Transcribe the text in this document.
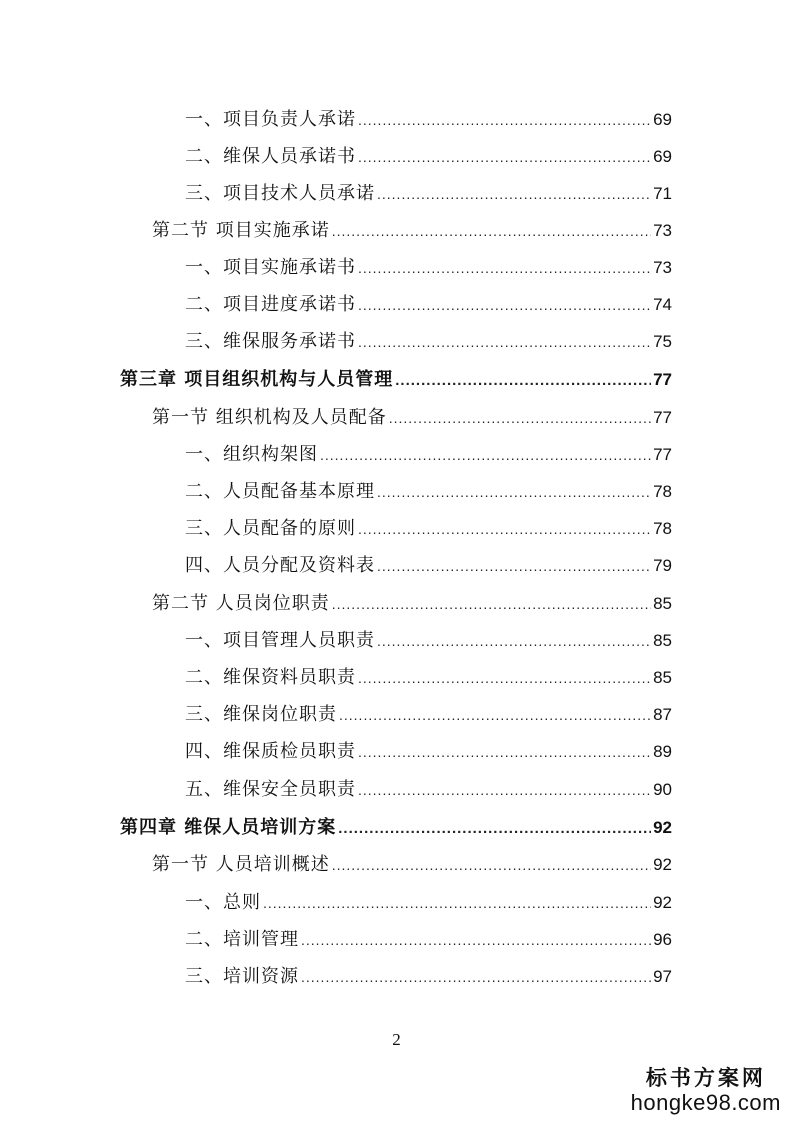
一、项目负责人承诺 .....	69
二、维保人员承诺书 .....	69
三、项目技术人员承诺 .....	71
第二节 项目实施承诺 .....	73
一、项目实施承诺书 .....	73
二、项目进度承诺书 .....	74
三、维保服务承诺书 .....	75
第三章 项目组织机构与人员管理 .....	77
第一节 组织机构及人员配备 .....	77
一、组织构架图 .....	77
二、人员配备基本原理 .....	78
三、人员配备的原则 .....	78
四、人员分配及资料表 .....	79
第二节 人员岗位职责 .....	85
一、项目管理人员职责 .....	85
二、维保资料员职责 .....	85
三、维保岗位职责 .....	87
四、维保质检员职责 .....	89
五、维保安全员职责 .....	90
第四章 维保人员培训方案 .....	92
第一节 人员培训概述 .....	92
一、总则 .....	92
二、培训管理 .....	96
三、培训资源 .....	97
2
标书方案网
hongke98.com
